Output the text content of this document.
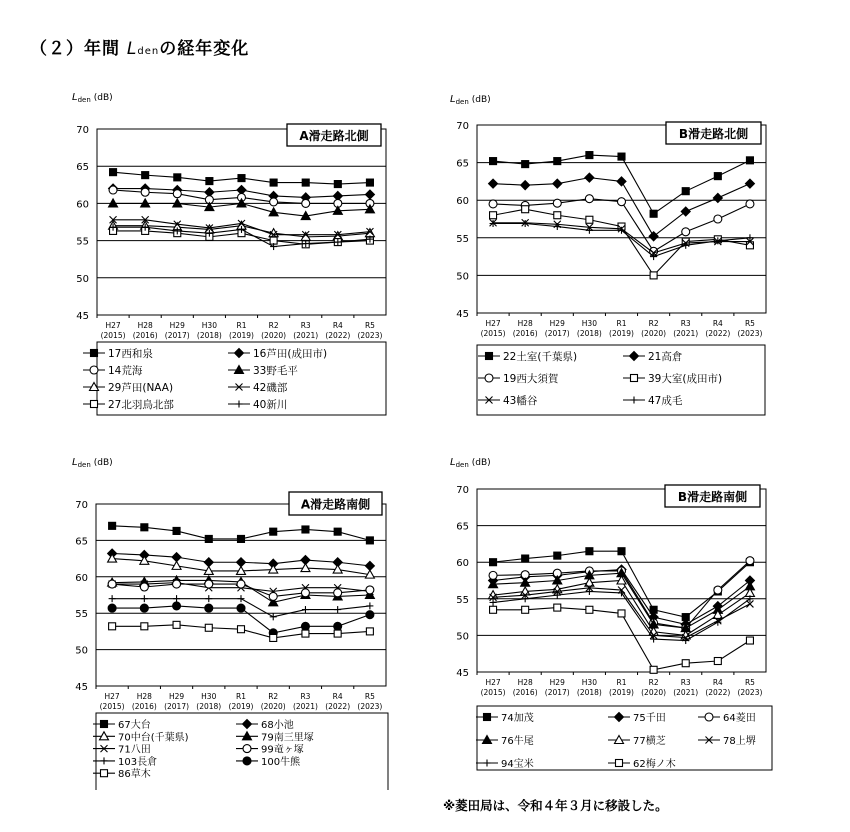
（２）年間 Ldenの経年変化
$L_{den}$ (dB)
45
50
55
60
65
70
H27
(2015)
H28
(2016)
H29
(2017)
H30
(2018)
R1
(2019)
R2
(2020)
R3
(2021)
R4
(2022)
R5
(2023)
A滑走路北側
17西和泉	16芦田(成田市)
14荒海	33野毛平
29芦田(NAA)	42磯部
27北羽鳥北部	40新川
$L_{den}$ (dB)
45
50
55
60
65
70
H27
(2015)
H28
(2016)
H29
(2017)
H30
(2018)
R1
(2019)
R2
(2020)
R3
(2021)
R4
(2022)
R5
(2023)
B滑走路北側
22土室(千葉県)	21高倉
19西大須賀	39大室(成田市)
43幡谷	47成毛
$L_{den}$ (dB)
45
50
55
60
65
70
H27
(2015)
H28
(2016)
H29
(2017)
H30
(2018)
R1
(2019)
R2
(2020)
R3
(2021)
R4
(2022)
R5
(2023)
A滑走路南側
67大台	68小池
70中台(千葉県)	79南三里塚
71八田	99竜ヶ塚
103長倉	100牛熊
86草木
$L_{den}$ (dB)
45
50
55
60
65
70
H27
(2015)
H28
(2016)
H29
(2017)
H30
(2018)
R1
(2019)
R2
(2020)
R3
(2021)
R4
(2022)
R5
(2023)
B滑走路南側
74加茂	75千田	64菱田
76牛尾	77横芝	78上堺
94宝米	62梅ノ木
※菱田局は、令和４年３月に移設した。
